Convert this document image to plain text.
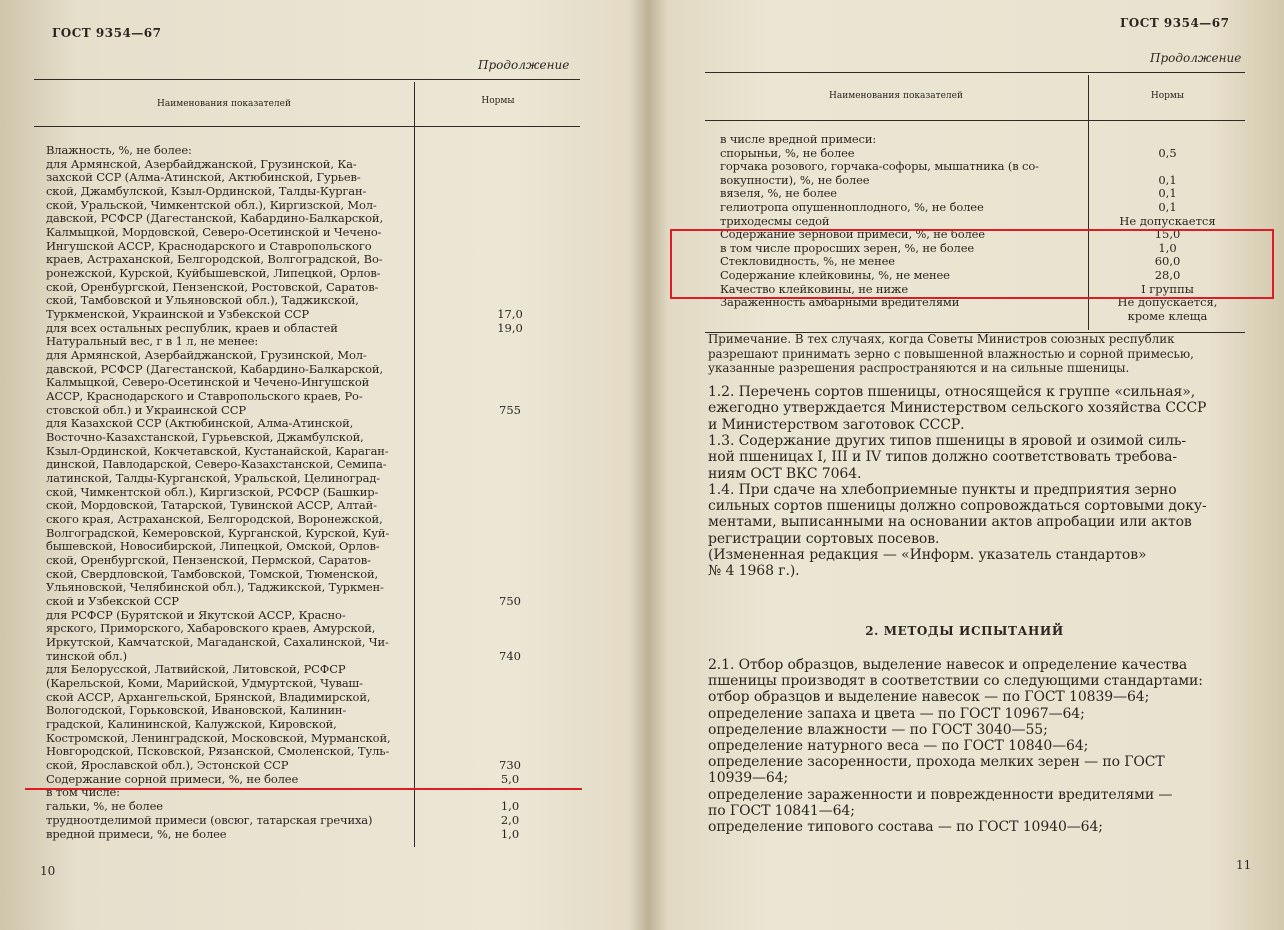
ГОСТ 9354—67
Продолжение
Наименования показателей	Нормы
Влажность, %, не более:
для Армянской, Азербайджанской, Грузинской, Ка-
захской ССР (Алма-Атинской, Актюбинской, Гурьев-
ской, Джамбулской, Кзыл-Ординской, Талды-Курган-
ской, Уральской, Чимкентской обл.), Киргизской, Мол-
давской, РСФСР (Дагестанской, Кабардино-Балкарской,
Калмыцкой, Мордовской, Северо-Осетинской и Чечено-
Ингушской АССР, Краснодарского и Ставропольского
краев, Астраханской, Белгородской, Волгоградской, Во-
ронежской, Курской, Куйбышевской, Липецкой, Орлов-
ской, Оренбургской, Пензенской, Ростовской, Саратов-
ской, Тамбовской и Ульяновской обл.), Таджикской,
Туркменской, Украинской и Узбекской ССР
для всех остальных республик, краев и областей
Натуральный вес, г в 1 л, не менее:
для Армянской, Азербайджанской, Грузинской, Мол-
давской, РСФСР (Дагестанской, Кабардино-Балкарской,
Калмыцкой, Северо-Осетинской и Чечено-Ингушской
АССР, Краснодарского и Ставропольского краев, Ро-
стовской обл.) и Украинской ССР
для Казахской ССР (Актюбинской, Алма-Атинской,
Восточно-Казахстанской, Гурьевской, Джамбулской,
Кзыл-Ординской, Кокчетавской, Кустанайской, Караган-
динской, Павлодарской, Северо-Казахстанской, Семипа-
латинской, Талды-Курганской, Уральской, Целиноград-
ской, Чимкентской обл.), Киргизской, РСФСР (Башкир-
ской, Мордовской, Татарской, Тувинской АССР, Алтай-
ского края, Астраханской, Белгородской, Воронежской,
Волгоградской, Кемеровской, Курганской, Курской, Куй-
бышевской, Новосибирской, Липецкой, Омской, Орлов-
ской, Оренбургской, Пензенской, Пермской, Саратов-
ской, Свердловской, Тамбовской, Томской, Тюменской,
Ульяновской, Челябинской обл.), Таджикской, Туркмен-
ской и Узбекской ССР
для РСФСР (Бурятской и Якутской АССР, Красно-
ярского, Приморского, Хабаровского краев, Амурской,
Иркутской, Камчатской, Магаданской, Сахалинской, Чи-
тинской обл.)
для Белорусской, Латвийской, Литовской, РСФСР
(Карельской, Коми, Марийской, Удмуртской, Чуваш-
ской АССР, Архангельской, Брянской, Владимирской,
Вологодской, Горьковской, Ивановской, Калинин-
градской, Калининской, Калужской, Кировской,
Костромской, Ленинградской, Московской, Мурманской,
Новгородской, Псковской, Рязанской, Смоленской, Туль-
ской, Ярославской обл.), Эстонской ССР
Содержание сорной примеси, %, не более
в том числе:
гальки, %, не более
трудноотделимой примеси (овсюг, татарская гречиха)
вредной примеси, %, не более
17,0
19,0
755
750
740
730
5,0
1,0
2,0
1,0
10
ГОСТ 9354—67
Продолжение
Наименования показателей	Нормы
в числе вредной примеси:
спорыньи, %, не более
горчака розового, горчака-софоры, мышатника (в со-
вокупности), %, не более
вязеля, %, не более
гелиотропа опушенноплодного, %, не более
триходесмы седой
Содержание зерновой примеси, %, не более
в том числе проросших зерен, %, не более
Стекловидность, %, не менее
Содержание клейковины, %, не менее
Качество клейковины, не ниже
Зараженность амбарными вредителями
0,5
0,1
0,1
0,1
Не допускается
15,0
1,0
60,0
28,0
I группы
Не допускается,
кроме клеща
Примечание. В тех случаях, когда Советы Министров союзных республик
разрешают принимать зерно с повышенной влажностью и сорной примесью,
указанные разрешения распространяются и на сильные пшеницы.
1.2. Перечень сортов пшеницы, относящейся к группе «сильная»,
ежегодно утверждается Министерством сельского хозяйства СССР
и Министерством заготовок СССР.
1.3. Содержание других типов пшеницы в яровой и озимой силь-
ной пшеницах I, III и IV типов должно соответствовать требова-
ниям ОСТ ВКС 7064.
1.4. При сдаче на хлебоприемные пункты и предприятия зерно
сильных сортов пшеницы должно сопровождаться сортовыми доку-
ментами, выписанными на основании актов апробации или актов
регистрации сортовых посевов.
(Измененная редакция — «Информ. указатель стандартов»
№ 4 1968 г.).
2. МЕТОДЫ ИСПЫТАНИЙ
2.1. Отбор образцов, выделение навесок и определение качества
пшеницы производят в соответствии со следующими стандартами:
отбор образцов и выделение навесок — по ГОСТ 10839—64;
определение запаха и цвета — по ГОСТ 10967—64;
определение влажности — по ГОСТ 3040—55;
определение натурного веса — по ГОСТ 10840—64;
определение засоренности, прохода мелких зерен — по ГОСТ
10939—64;
определение зараженности и поврежденности вредителями —
по ГОСТ 10841—64;
определение типового состава — по ГОСТ 10940—64;
11
